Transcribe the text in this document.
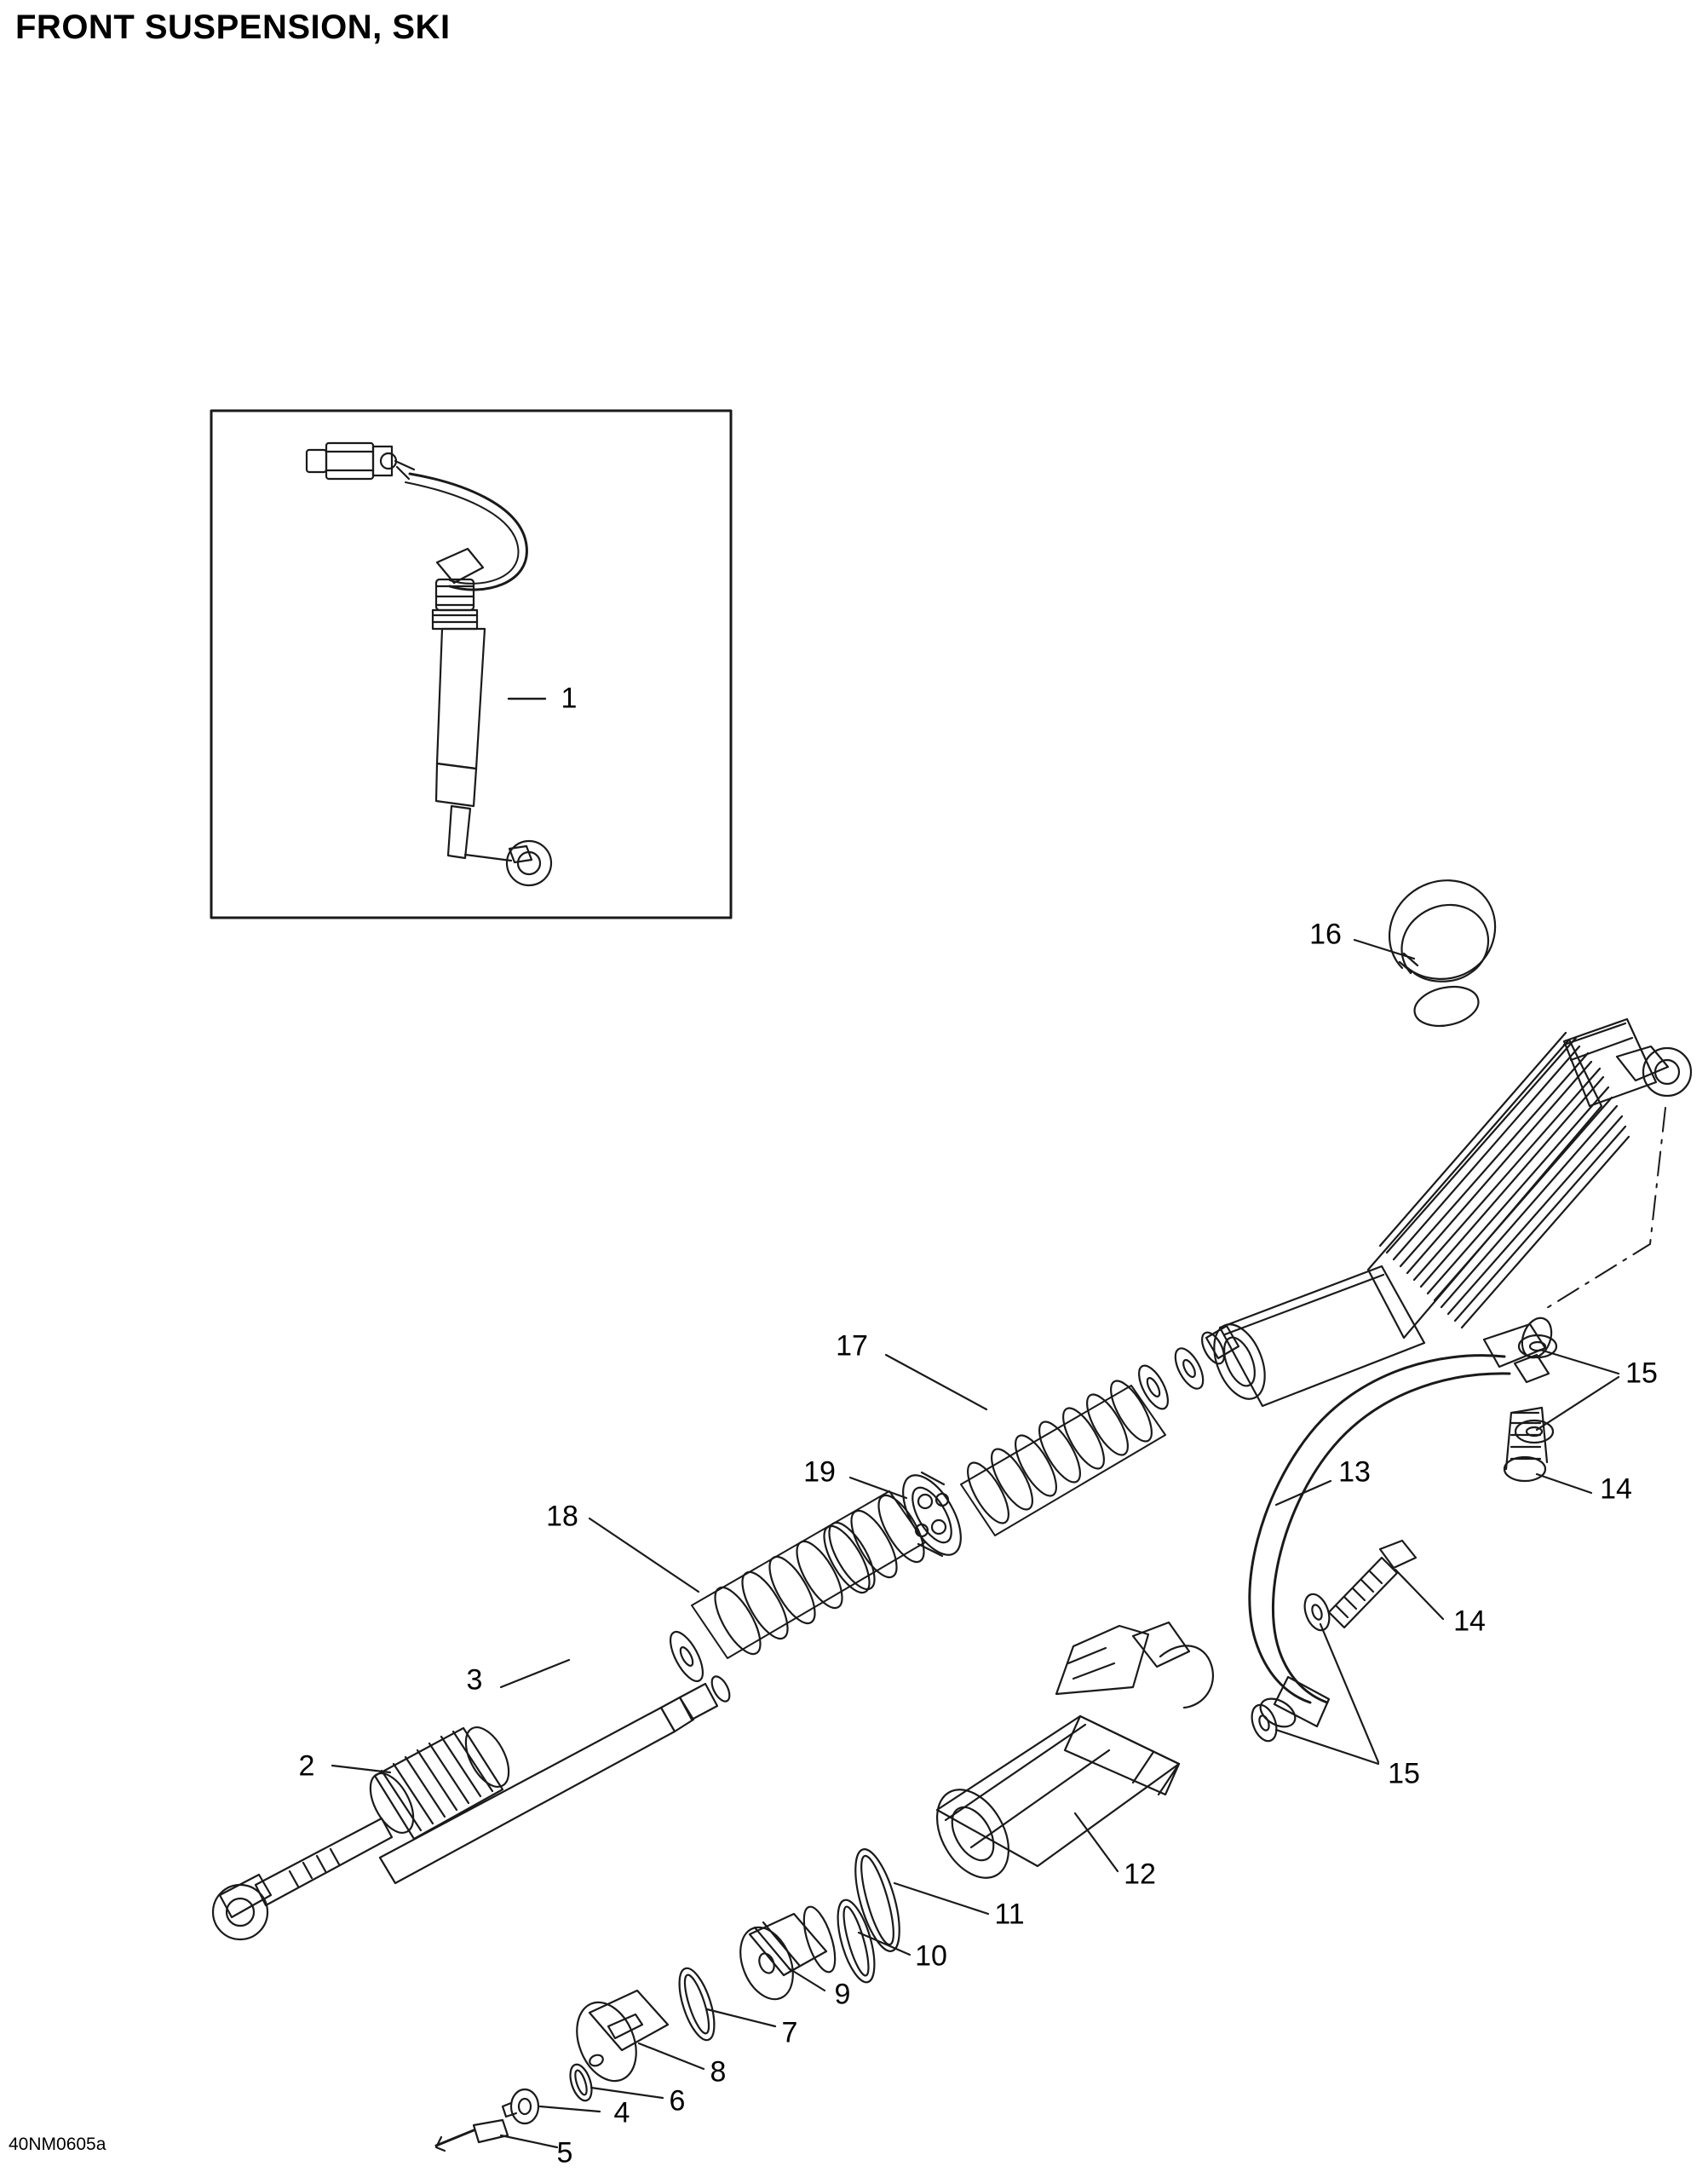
FRONT SUSPENSION, SKI
40NM0605a
1
2
3
4
5
6
7
8
9
10
11
12
13
14
14
15
15
16
17
18
19
